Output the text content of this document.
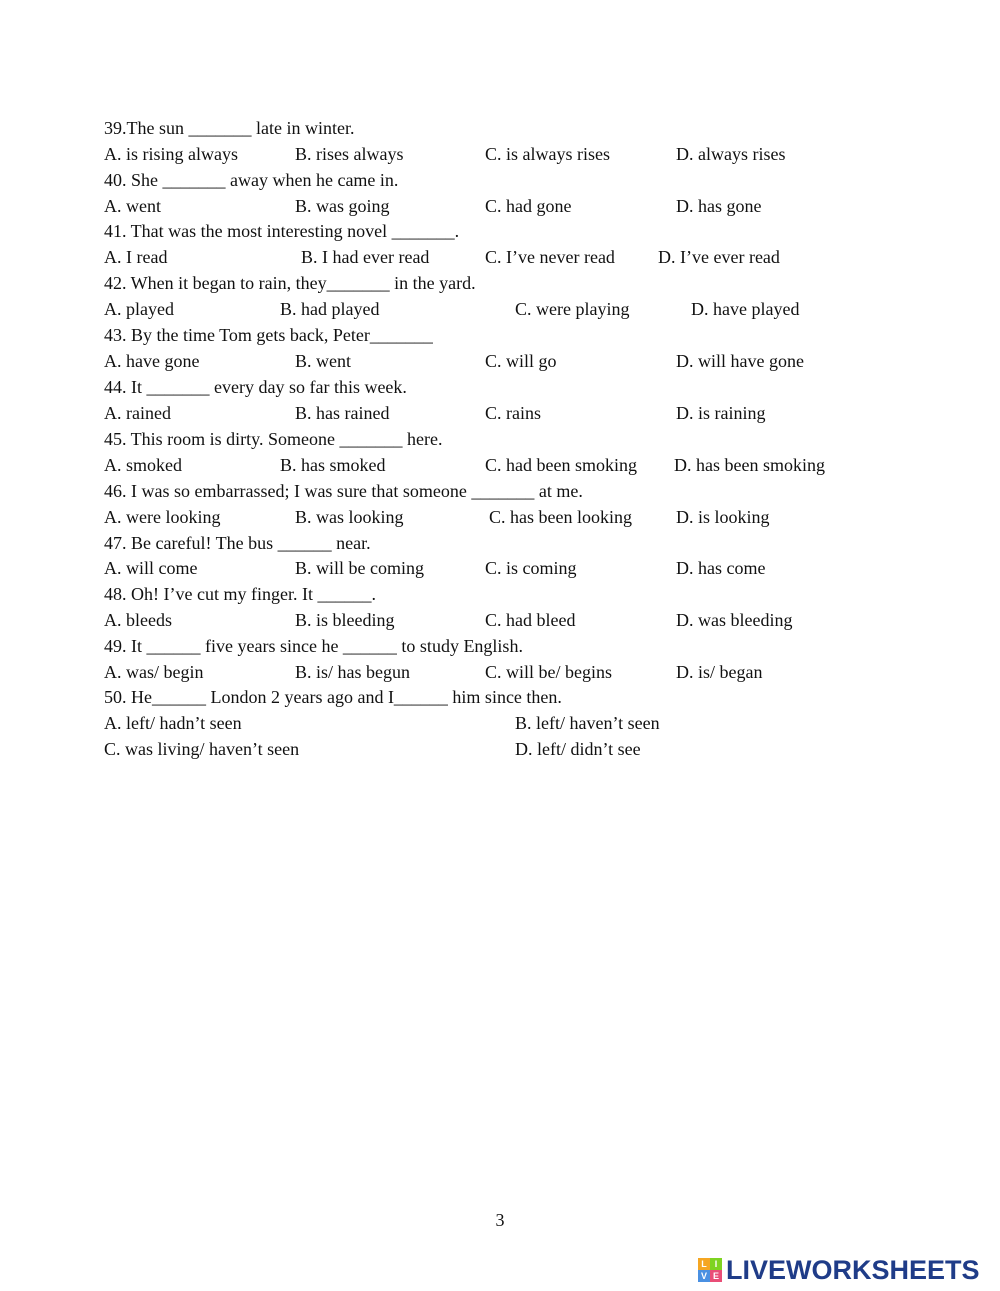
39.The sun _______ late in winter.
A. is rising always	B. rises always	C. is always rises	D. always rises
40. She _______ away when he came in.
A. went	B. was going	C. had gone	D. has gone
41. That was the most interesting novel _______.
A. I read	B. I had ever read	C. I’ve never read D. I’ve ever read
42. When it began to rain, they_______ in the yard.
A. played	B. had played	C. were playing	D. have played
43. By the time Tom gets back, Peter_______
A. have gone	B. went	C. will go	D. will have gone
44. It _______ every day so far this week.
A. rained	B. has rained	C. rains	D. is raining
45. This room is dirty. Someone _______ here.
A. smoked	B. has smoked	C. had been smoking D. has been smoking
46. I was so embarrassed; I was sure that someone _______ at me.
A. were looking	B. was looking	C. has been looking D. is looking
47. Be careful! The bus ______ near.
A. will come	B. will be coming	C. is coming	D. has come
48. Oh! I’ve cut my finger. It ______.
A. bleeds	B. is bleeding	C. had bleed	D. was bleeding
49. It ______ five years since he ______ to study English.
A. was/ begin	B. is/ has begun	C. will be/ begins	D. is/ began
50. He______ London 2 years ago and I______ him since then.
A. left/ hadn’t seen	B. left/ haven’t seen
C. was living/ haven’t seen	D. left/ didn’t see
3
L I
V E LIVEWORKSHEETS
